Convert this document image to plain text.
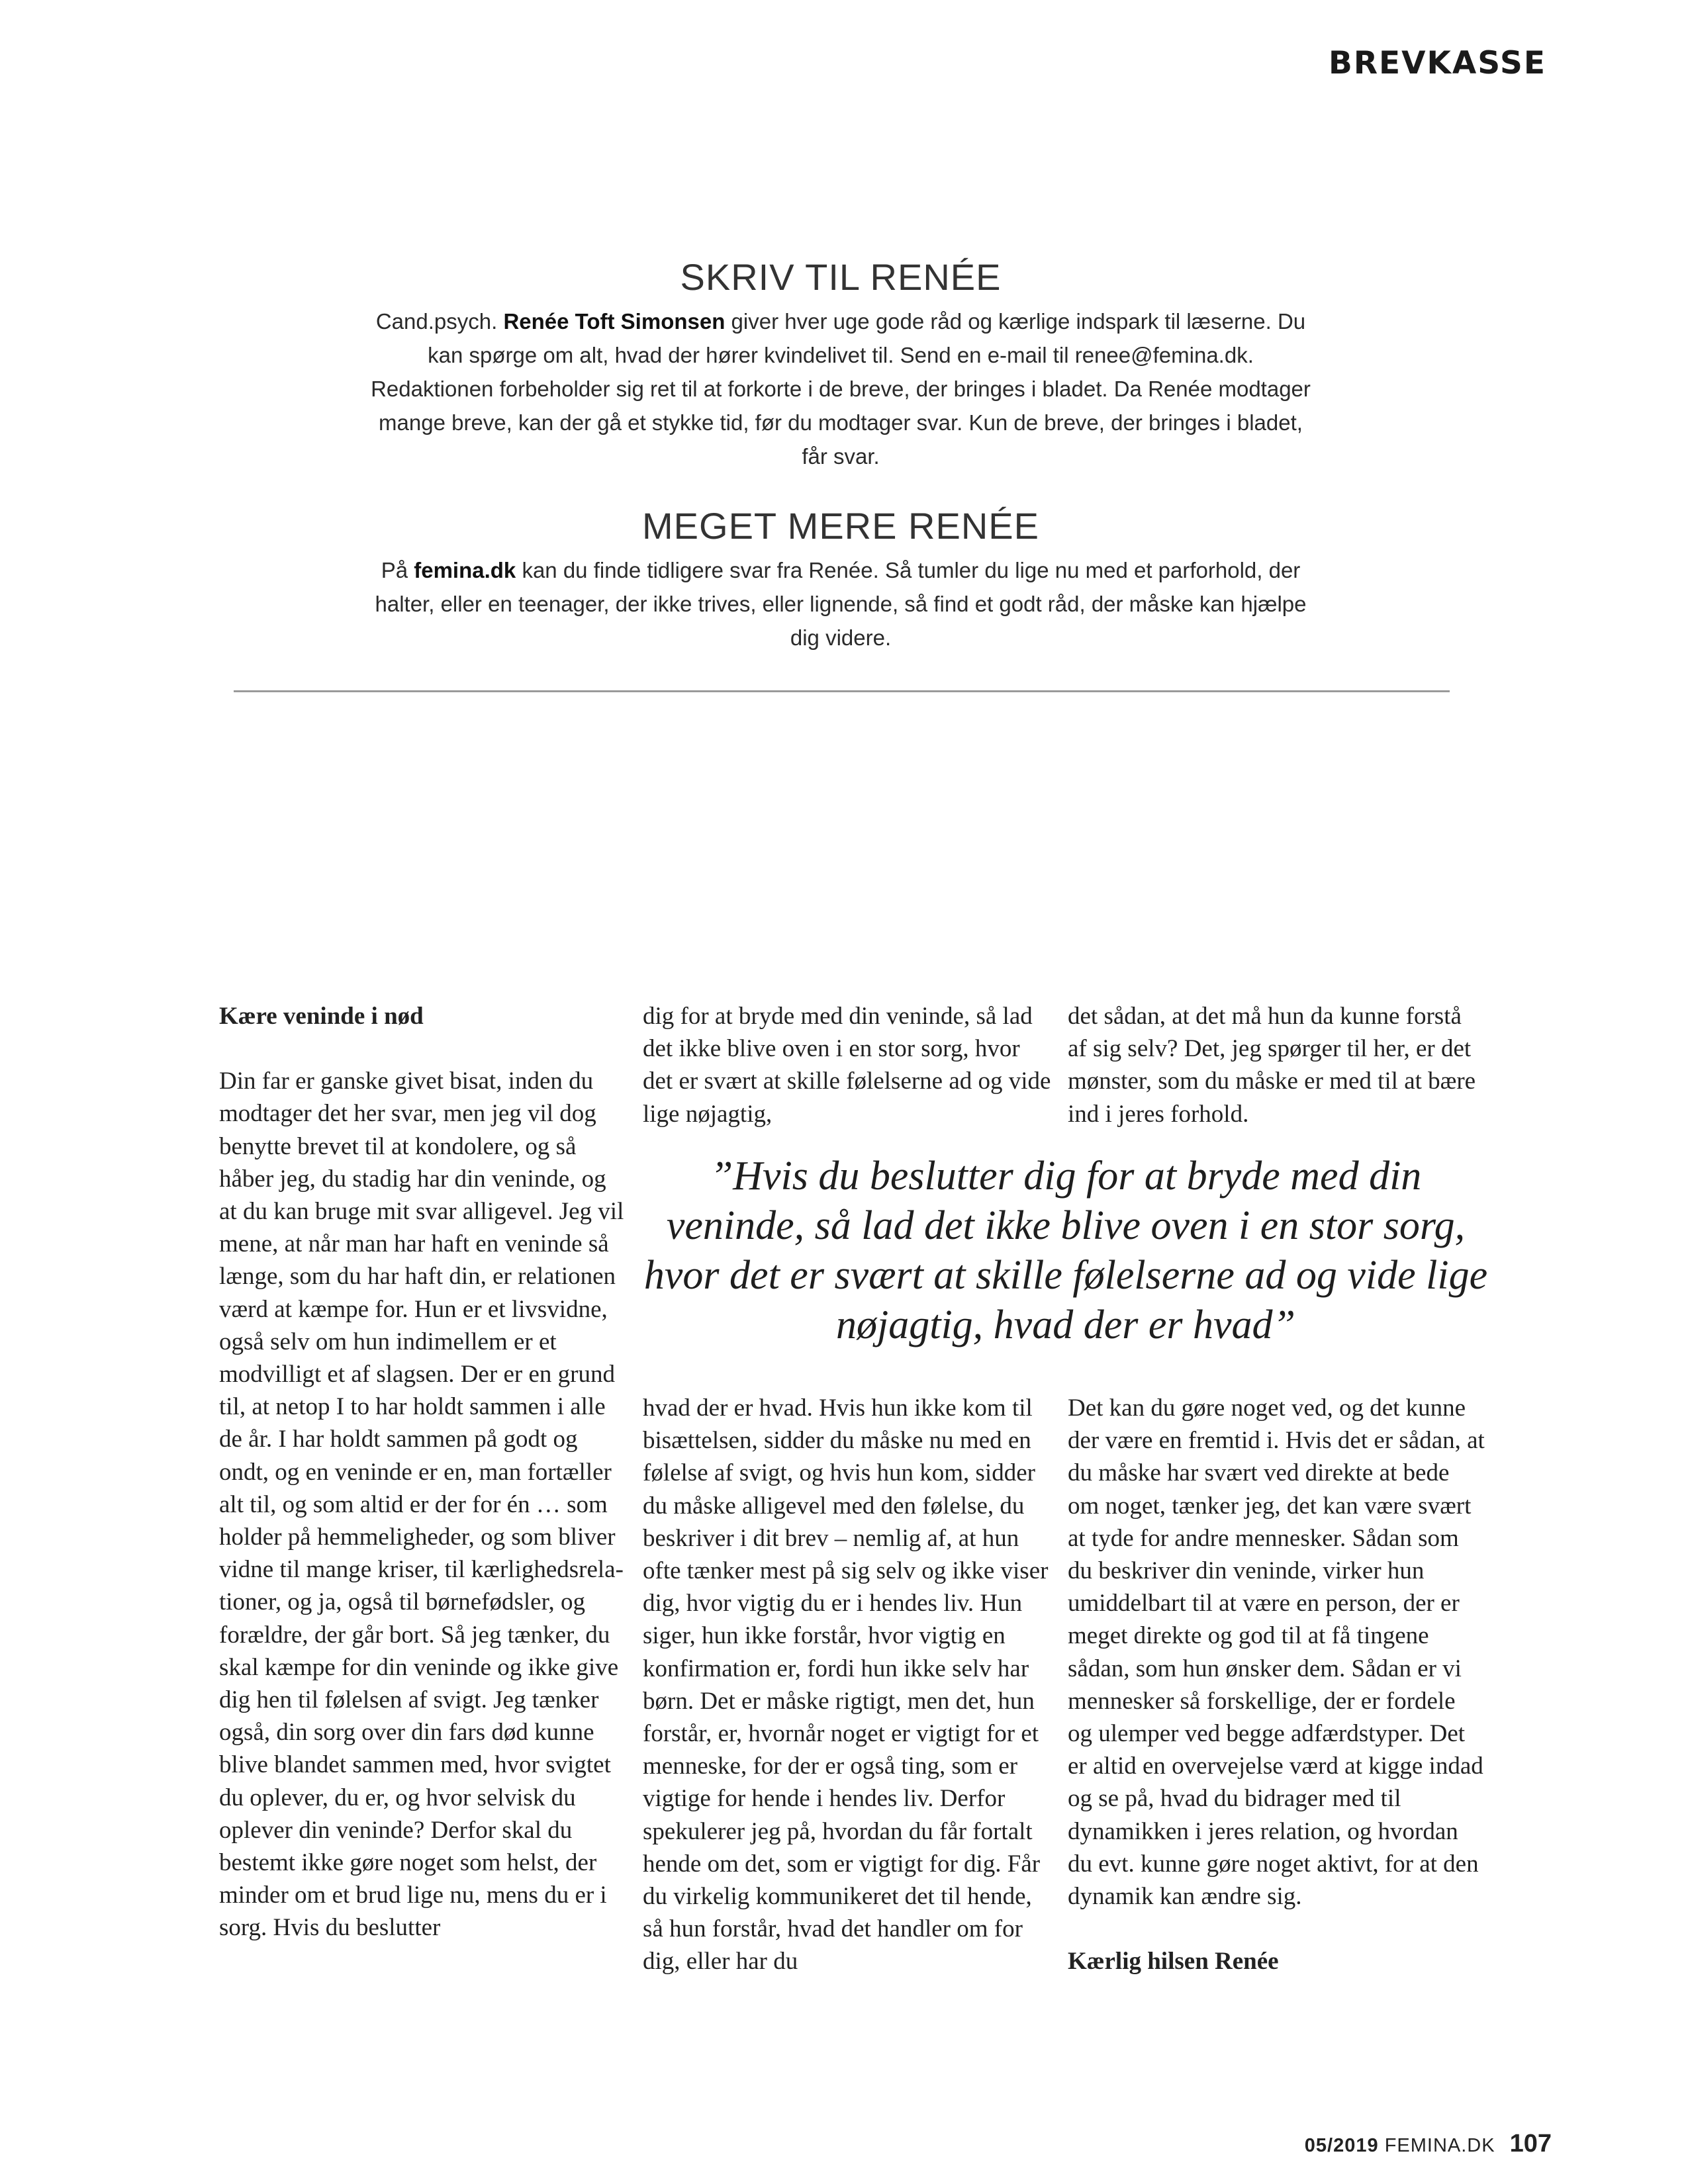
BREVKASSE
SKRIV TIL RENÉE

Cand.psych. Renée Toft Simonsen giver hver uge gode råd og kærlige indspark til læserne. Du kan spørge om alt, hvad der hører kvindelivet til. Send en e-mail til renee@femina.dk. Redaktionen forbeholder sig ret til at forkorte i de breve, der bringes i bladet. Da Renée modtager mange breve, kan der gå et stykke tid, før du modtager svar. Kun de breve, der bringes i bladet, får svar.

MEGET MERE RENÉE

På femina.dk kan du finde tidligere svar fra Renée. Så tumler du lige nu med et parforhold, der halter, eller en teenager, der ikke trives, eller lignende, så find et godt råd, der måske kan hjælpe dig videre.

Kære veninde i nød

Din far er ganske givet bisat, inden du modtager det her svar, men jeg vil dog benytte brevet til at kondolere, og så håber jeg, du stadig har din veninde, og at du kan bruge mit svar alligevel. Jeg vil mene, at når man har haft en veninde så længe, som du har haft din, er relationen værd at kæmpe for. Hun er et livsvidne, også selv om hun indimellem er et modvilligt et af slagsen. Der er en grund til, at netop I to har holdt sammen i alle de år. I har holdt sammen på godt og ondt, og en veninde er en, man fortæller alt til, og som altid er der for én … som holder på hemmeligheder, og som bliver vidne til mange kriser, til kærlighedsrelationer, og ja, også til børnefødsler, og forældre, der går bort. Så jeg tænker, du skal kæmpe for din veninde og ikke give dig hen til følelsen af svigt. Jeg tænker også, din sorg over din fars død kunne blive blandet sammen med, hvor svigtet du oplever, du er, og hvor selvisk du oplever din veninde? Derfor skal du bestemt ikke gøre noget som helst, der minder om et brud lige nu, mens du er i sorg. Hvis du beslutter

dig for at bryde med din veninde, så lad det ikke blive oven i en stor sorg, hvor det er svært at skille følelserne ad og vide lige nøjagtig,

det sådan, at det må hun da kunne forstå af sig selv? Det, jeg spørger til her, er det mønster, som du måske er med til at bære ind i jeres forhold.

”Hvis du beslutter dig for at bryde med din veninde, så lad det ikke blive oven i en stor sorg, hvor det er svært at skille følelserne ad og vide lige nøjagtig, hvad der er hvad”

hvad der er hvad. Hvis hun ikke kom til bisættelsen, sidder du måske nu med en følelse af svigt, og hvis hun kom, sidder du måske alligevel med den følelse, du beskriver i dit brev – nemlig af, at hun ofte tænker mest på sig selv og ikke viser dig, hvor vigtig du er i hendes liv. Hun siger, hun ikke forstår, hvor vigtig en konfirmation er, fordi hun ikke selv har børn. Det er måske rigtigt, men det, hun forstår, er, hvornår noget er vigtigt for et menneske, for der er også ting, som er vigtige for hende i hendes liv. Derfor spekulerer jeg på, hvordan du får fortalt hende om det, som er vigtigt for dig. Får du virkelig kommunikeret det til hende, så hun forstår, hvad det handler om for dig, eller har du

Det kan du gøre noget ved, og det kunne der være en fremtid i. Hvis det er sådan, at du måske har svært ved direkte at bede om noget, tænker jeg, det kan være svært at tyde for andre mennesker. Sådan som du beskriver din veninde, virker hun umiddelbart til at være en person, der er meget direkte og god til at få tingene sådan, som hun ønsker dem. Sådan er vi mennesker så forskellige, der er fordele og ulemper ved begge adfærdstyper. Det er altid en overvejelse værd at kigge indad og se på, hvad du bidrager med til dynamikken i jeres relation, og hvordan du evt. kunne gøre noget aktivt, for at den dynamik kan ændre sig.

Kærlig hilsen Renée

05/2019 FEMINA.DK 107
